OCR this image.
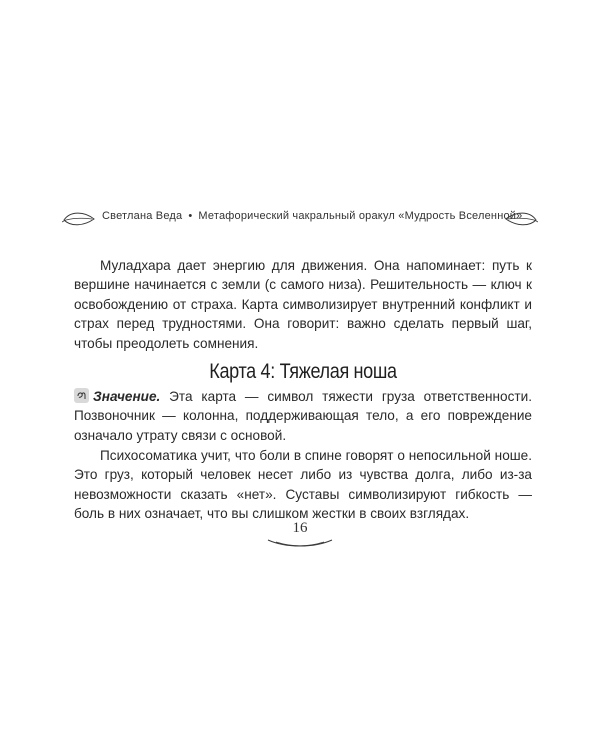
Светлана Веда • Метафорический чакральный оракул «Мудрость Вселенной»

Муладхара дает энергию для движения. Она напоминает: путь к вершине начинается с земли (с самого низа). Решительность — ключ к освобождению от страха. Карта символизирует внутренний конфликт и страх перед трудностями. Она говорит: важно сделать первый шаг, чтобы преодолеть сомнения.

Карта 4: Тяжелая ноша

Значение. Эта карта — символ тяжести груза ответственности. Позвоночник — колонна, поддерживающая тело, а его повреждение означало утрату связи с основой.

Психосоматика учит, что боли в спине говорят о непосильной ноше. Это груз, который человек несет либо из чувства долга, либо из-за невозможности сказать «нет». Суставы символизируют гибкость — боль в них означает, что вы слишком жестки в своих взглядах.

16
